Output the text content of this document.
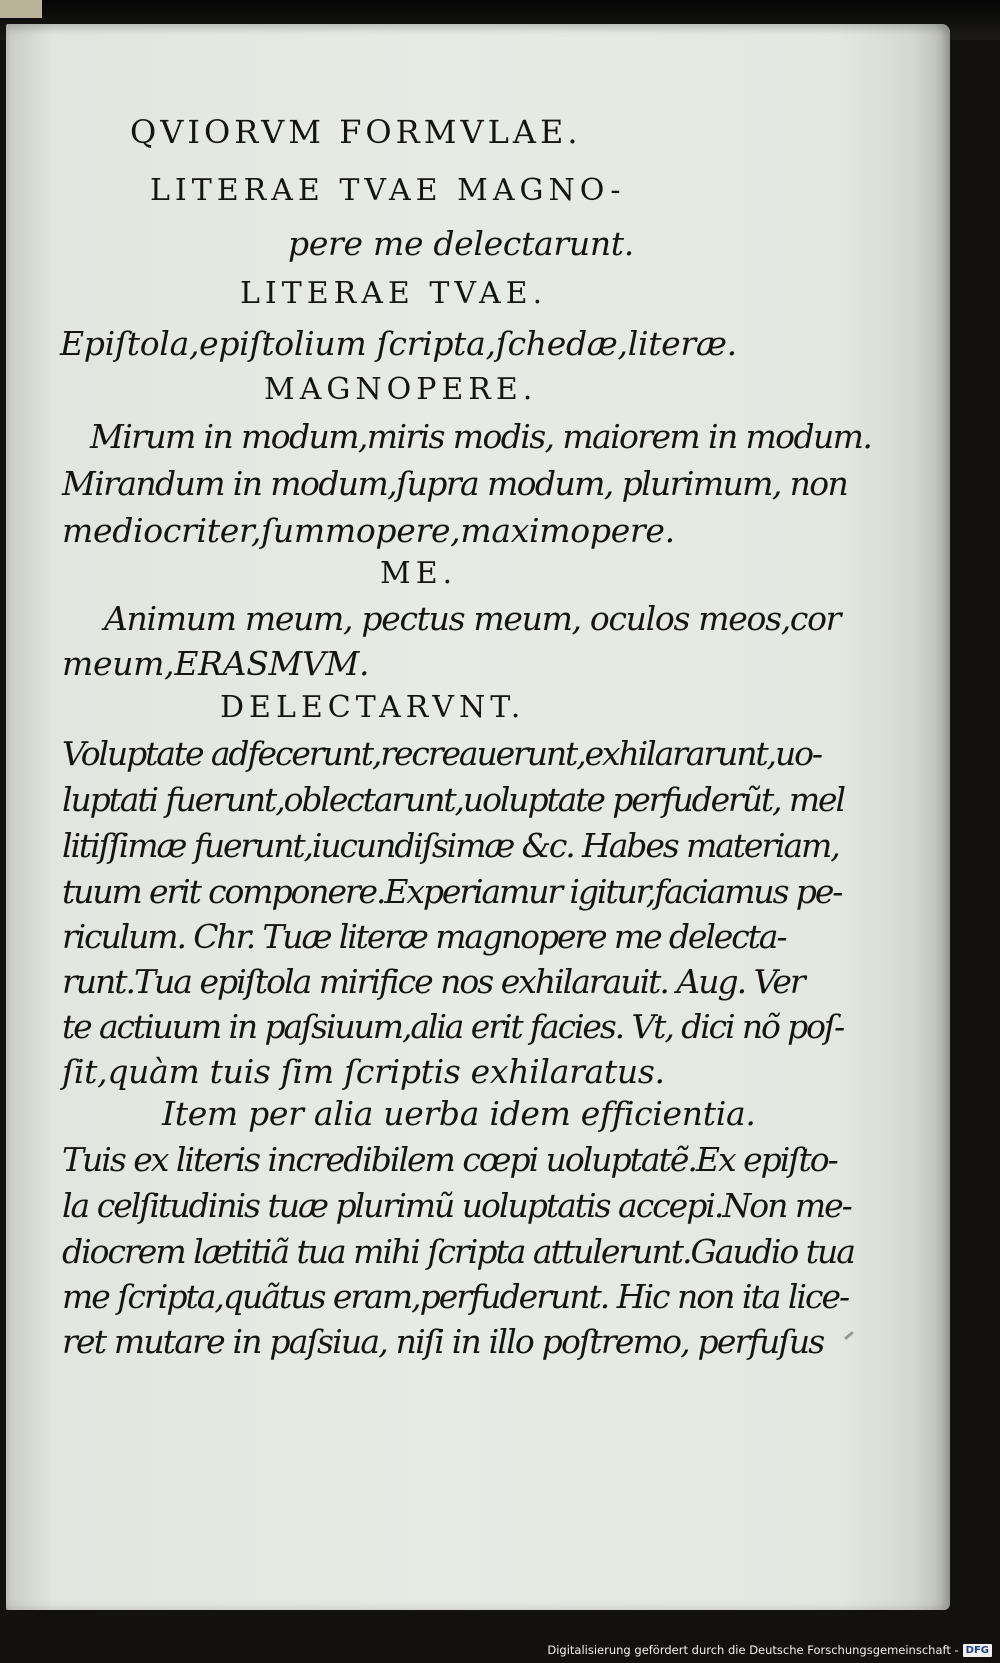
QVIORVM FORMVLAE.

LITERAE TVAE MAGNO-

pere me delectarunt.

LITERAE TVAE.

Epiſtola,epiſtolium ſcripta,ſchedæ,literæ.

MAGNOPERE.

Mirum in modum,miris modis, maiorem in modum.

Mirandum in modum,ſupra modum, plurimum, non

mediocriter,ſummopere,maximopere.

ME.

Animum meum, pectus meum, oculos meos,cor

meum,ERASMVM.

DELECTARVNT.

Voluptate adfecerunt,recreauerunt,exhilararunt,uo-

luptati fuerunt,oblectarunt,uoluptate perfuderũt, mel

litiſſimæ fuerunt,iucundiſsimæ &c. Habes materiam,

tuum erit componere.Experiamur igitur,faciamus pe-

riculum. Chr. Tuæ literæ magnopere me delecta-

runt.Tua epiſtola mirifice nos exhilarauit. Aug. Ver

te actiuum in paſsiuum,alia erit facies. Vt, dici nõ poſ-

ſit,quàm tuis ſim ſcriptis exhilaratus.

Item per alia uerba idem efficientia.

Tuis ex literis incredibilem cœpi uoluptatẽ.Ex epiſto-

la celſitudinis tuæ plurimũ uoluptatis accepi.Non me-

diocrem lætitiã tua mihi ſcripta attulerunt.Gaudio tua

me ſcripta,quãtus eram,perfuderunt. Hic non ita lice-

ret mutare in paſsiua, niſi in illo poſtremo, perfuſus

Digitalisierung gefördert durch die Deutsche Forschungsgemeinschaft - DFG
